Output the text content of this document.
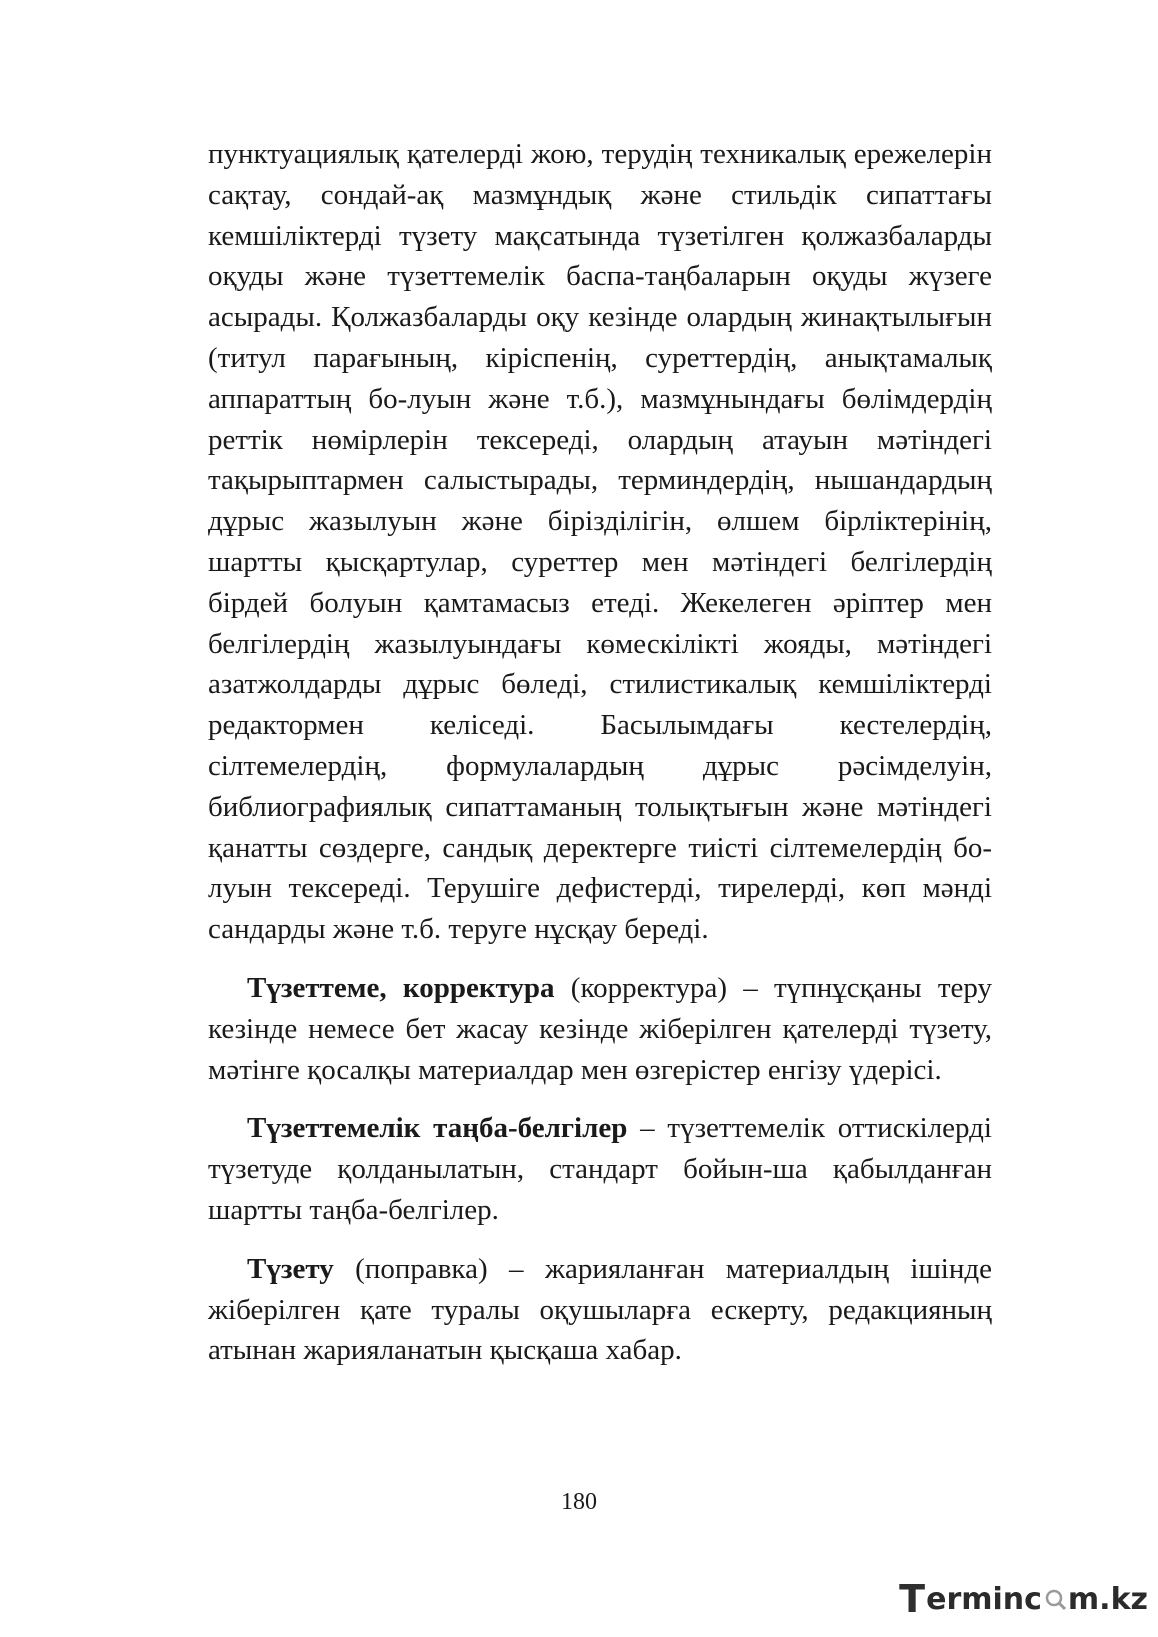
пунктуациялық қателерді жою, терудің техникалық ережелерін сақтау, сондай-ақ мазмұндық және стильдік сипаттағы кемшіліктерді түзету мақсатында түзетілген қолжазбаларды оқуды және түзеттемелік баспа-таңбаларын оқуды жүзеге асырады. Қолжазбаларды оқу кезінде олардың жинақтылығын (титул парағының, кіріспенің, суреттердің, анықтамалық аппараттың бо-луын және т.б.), мазмұнындағы бөлімдердің реттік нөмірлерін тексереді, олардың атауын мәтіндегі тақырыптармен салыстырады, терминдердің, нышандардың дұрыс жазылуын және біріздiлiгiн, өлшем бірліктерінің, шартты қысқартулар, суреттер мен мәтіндегі белгілердің бірдей болуын қамтамасыз етеді. Жекелеген әріптер мен белгілердің жазылуындағы көмескілікті жояды, мәтіндегі азатжолдарды дұрыс бөледі, стилистикалық кемшіліктерді редактормен келіседі. Басылымдағы кестелердің, сілтемелердің, формулалардың дұрыс рәсімделуін, библиографиялық сипаттаманың толықтығын және мәтіндегі қанатты сөздерге, сандық деректерге тиісті сілтемелердің бо-луын тексереді. Терушіге дефистерді, тирелерді, көп мәнді сандарды және т.б. теруге нұсқау береді.

Түзеттеме, корректура (корректура) – түпнұсқаны теру кезінде немесе бет жасау кезінде жіберілген қателерді түзету, мәтінге қосалқы материалдар мен өзгерістер енгізу үдерісі.

Түзеттемелік таңба-белгілер – түзеттемелік оттискілерді түзетуде қолданылатын, стандарт бойын-ша қабылданған шартты таңба-белгілер.

Түзету (поправка) – жарияланған материалдың ішінде жіберілген қате туралы оқушыларға ескерту, редакцияның атынан жарияланатын қысқаша хабар.

180
T erminc m.kz
